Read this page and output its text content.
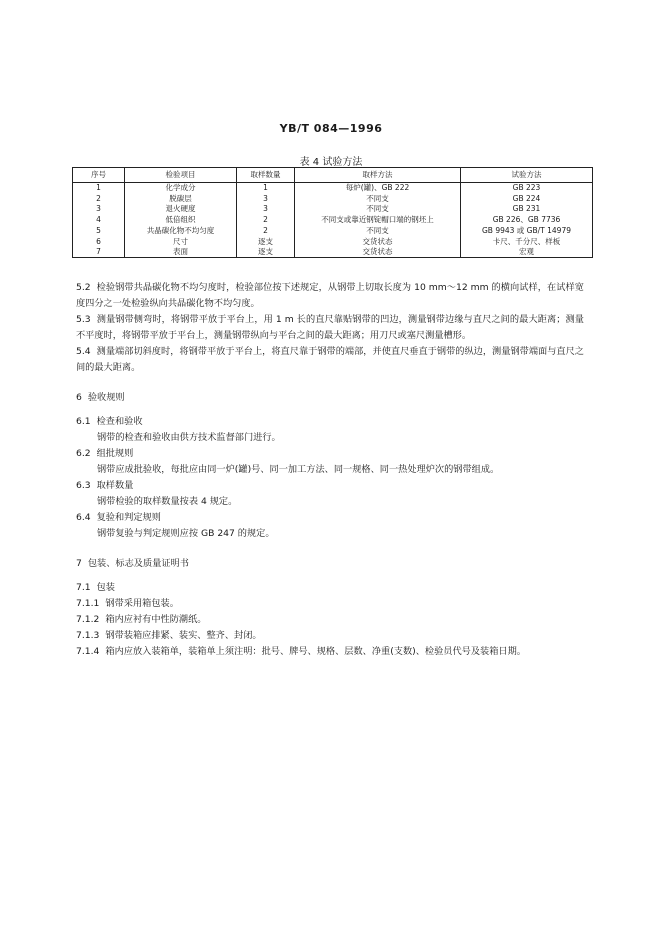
YB/T 084—1996
表 4 试验方法
序号	检验项目	取样数量	取样方法	试验方法
1	化学成分	1	每炉(罐)、GB 222	GB 223
2	脱碳层	3	不同支	GB 224
3	退火硬度	3	不同支	GB 231
4	低倍组织	2	不同支或靠近钢锭帽口端的钢坯上	GB 226、GB 7736
5	共晶碳化物不均匀度	2	不同支	GB 9943 或 GB/T 14979
6	尺寸	逐支	交货状态	卡尺、千分尺、样板
7	表面	逐支	交货状态	宏观

5.2 检验钢带共晶碳化物不均匀度时，检验部位按下述规定，从钢带上切取长度为 10 mm～12 mm 的横向试样，在试样宽度四分之一处检验纵向共晶碳化物不均匀度。

5.3 测量钢带侧弯时，将钢带平放于平台上，用 1 m 长的直尺靠贴钢带的凹边，测量钢带边缘与直尺之间的最大距离；测量不平度时，将钢带平放于平台上，测量钢带纵向与平台之间的最大距离；用刀尺或塞尺测量槽形。

5.4 测量端部切斜度时，将钢带平放于平台上，将直尺靠于钢带的端部，并使直尺垂直于钢带的纵边，测量钢带端面与直尺之间的最大距离。

6 验收规则

6.1 检查和验收

钢带的检查和验收由供方技术监督部门进行。

6.2 组批规则

钢带应成批验收，每批应由同一炉(罐)号、同一加工方法、同一规格、同一热处理炉次的钢带组成。

6.3 取样数量

钢带检验的取样数量按表 4 规定。

6.4 复验和判定规则

钢带复验与判定规则应按 GB 247 的规定。

7 包装、标志及质量证明书

7.1 包装

7.1.1 钢带采用箱包装。

7.1.2 箱内应衬有中性防潮纸。

7.1.3 钢带装箱应排紧、装实、整齐、封闭。

7.1.4 箱内应放入装箱单，装箱单上须注明：批号、牌号、规格、层数、净重(支数)、检验员代号及装箱日期。
